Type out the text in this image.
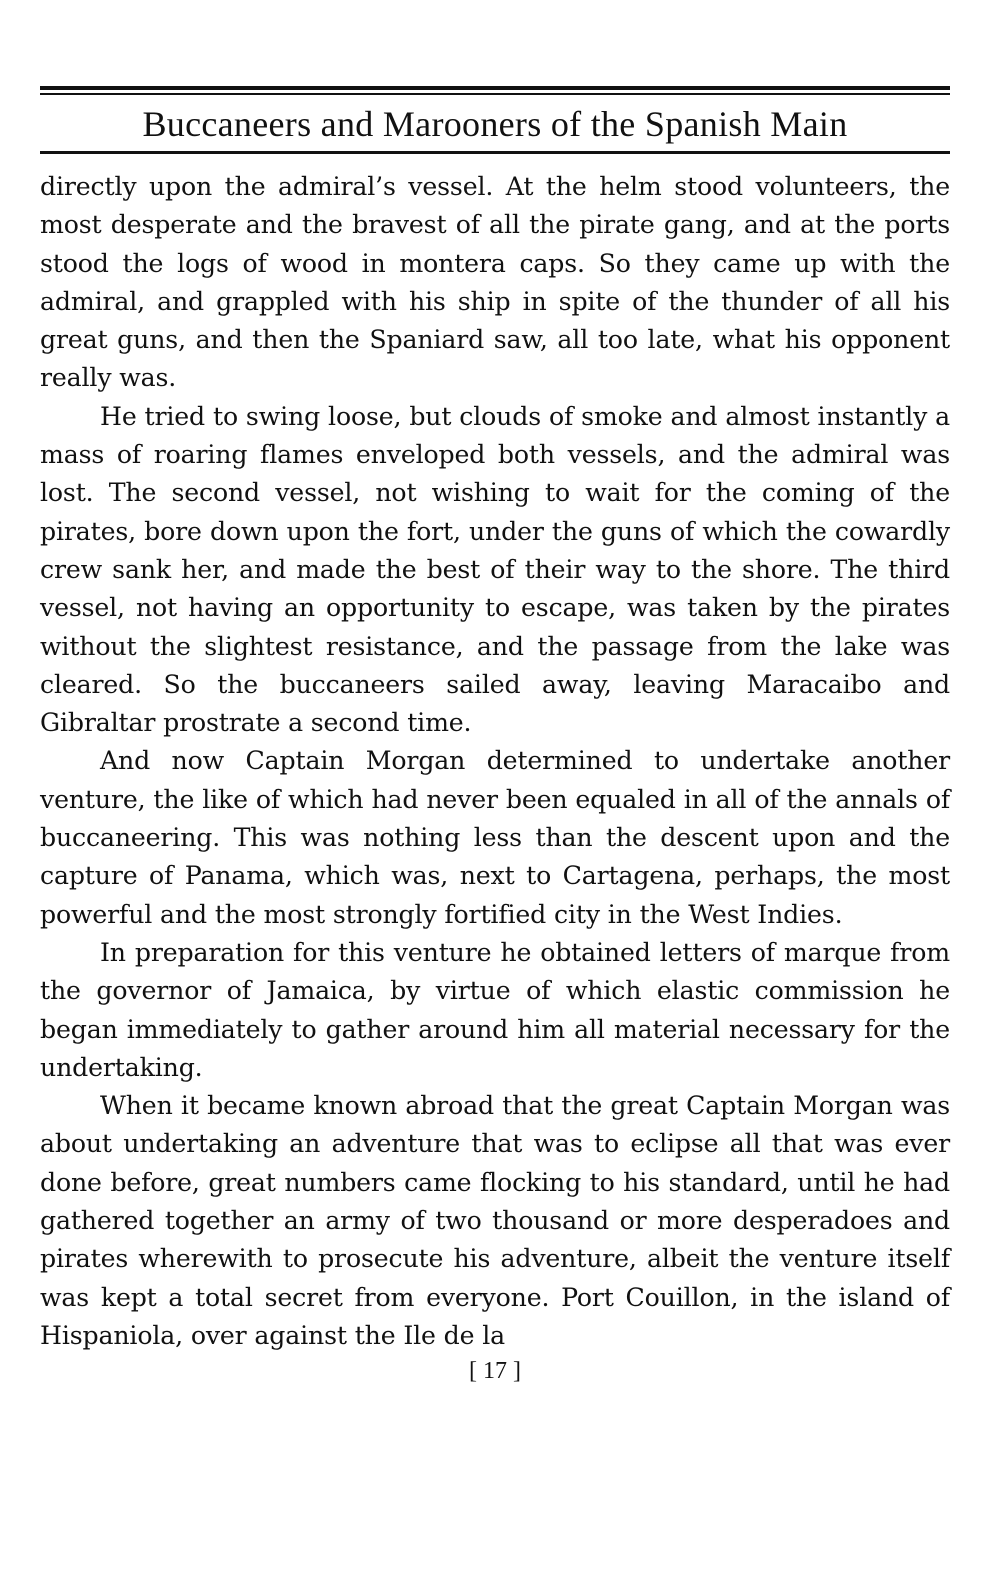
Buccaneers and Marooners of the Spanish Main

directly upon the admiral’s vessel. At the helm stood volunteers, the most desperate and the bravest of all the pirate gang, and at the ports stood the logs of wood in montera caps. So they came up with the admiral, and grappled with his ship in spite of the thunder of all his great guns, and then the Spaniard saw, all too late, what his opponent really was.

He tried to swing loose, but clouds of smoke and almost instantly a mass of roaring flames enveloped both vessels, and the admiral was lost. The second vessel, not wishing to wait for the coming of the pirates, bore down upon the fort, under the guns of which the cowardly crew sank her, and made the best of their way to the shore. The third vessel, not having an opportunity to escape, was taken by the pirates without the slightest resistance, and the passage from the lake was cleared. So the buccaneers sailed away, leaving Maracaibo and Gibraltar prostrate a second time.

And now Captain Morgan determined to undertake another venture, the like of which had never been equaled in all of the annals of buccaneering. This was nothing less than the descent upon and the capture of Panama, which was, next to Cartagena, perhaps, the most powerful and the most strongly fortified city in the West Indies.

In preparation for this venture he obtained letters of marque from the governor of Jamaica, by virtue of which elastic commission he began immediately to gather around him all material necessary for the undertaking.

When it became known abroad that the great Captain Morgan was about undertaking an adventure that was to eclipse all that was ever done before, great numbers came flocking to his standard, until he had gathered together an army of two thousand or more desperadoes and pirates wherewith to prosecute his adventure, albeit the venture itself was kept a total secret from everyone. Port Couillon, in the island of Hispaniola, over against the Ile de la

[ 17 ]
